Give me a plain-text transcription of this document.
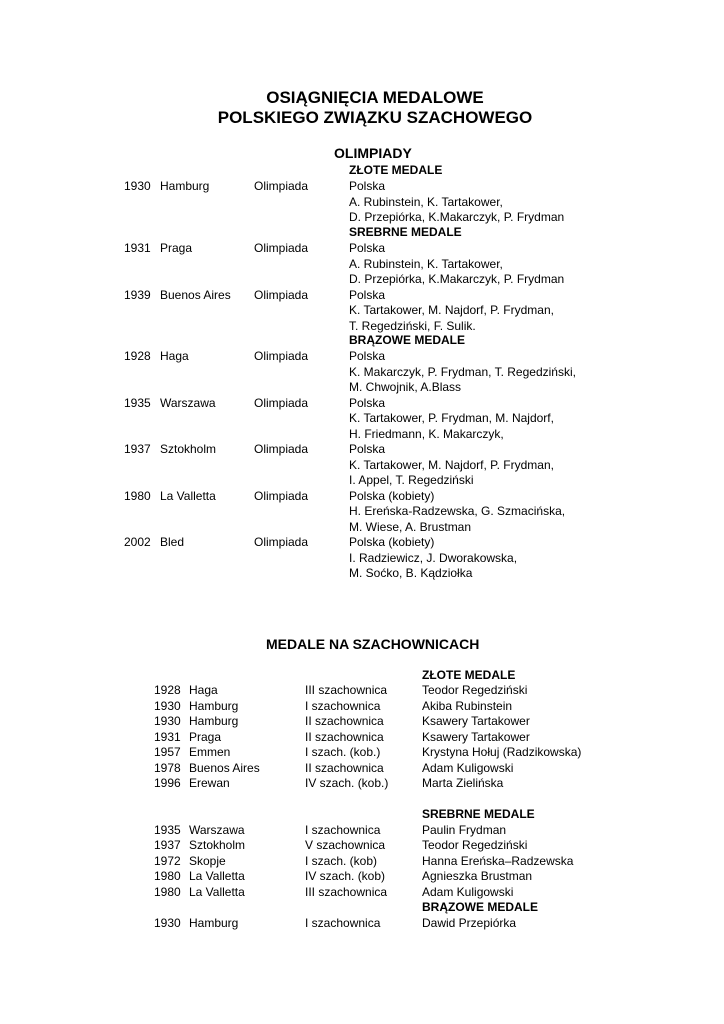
OSIĄGNIĘCIA MEDALOWE
POLSKIEGO ZWIĄZKU SZACHOWEGO
OLIMPIADY
ZŁOTE MEDALE
1930 Hamburg	Olimpiada	Polska
A. Rubinstein, K. Tartakower,
D. Przepiórka, K.Makarczyk, P. Frydman
SREBRNE MEDALE
1931 Praga	Olimpiada	Polska
A. Rubinstein, K. Tartakower,
D. Przepiórka, K.Makarczyk, P. Frydman
1939 Buenos Aires Olimpiada	Polska
K. Tartakower, M. Najdorf, P. Frydman,
T. Regedziński, F. Sulik.
BRĄZOWE MEDALE
1928 Haga	Olimpiada	Polska
K. Makarczyk, P. Frydman, T. Regedziński,
M. Chwojnik, A.Blass
1935 Warszawa	Olimpiada	Polska
K. Tartakower, P. Frydman, M. Najdorf,
H. Friedmann, K. Makarczyk,
1937 Sztokholm	Olimpiada	Polska
K. Tartakower, M. Najdorf, P. Frydman,
I. Appel, T. Regedziński
1980 La Valletta	Olimpiada	Polska (kobiety)
H. Ereńska-Radzewska, G. Szmacińska,
M. Wiese, A. Brustman
2002 Bled	Olimpiada	Polska (kobiety)
I. Radziewicz, J. Dworakowska,
M. Soćko, B. Kądziołka
MEDALE NA SZACHOWNICACH
ZŁOTE MEDALE
1928 Haga	III szachownica	Teodor Regedziński
1930 Hamburg	I szachownica	Akiba Rubinstein
1930 Hamburg	II szachownica	Ksawery Tartakower
1931 Praga	II szachownica	Ksawery Tartakower
1957 Emmen	I szach. (kob.)	Krystyna Hołuj (Radzikowska)
1978 Buenos Aires	II szachownica	Adam Kuligowski
1996 Erewan	IV szach. (kob.)	Marta Zielińska
SREBRNE MEDALE
1935 Warszawa	I szachownica	Paulin Frydman
1937 Sztokholm	V szachownica	Teodor Regedziński
1972 Skopje	I szach. (kob)	Hanna Ereńska–Radzewska
1980 La Valletta	IV szach. (kob)	Agnieszka Brustman
1980 La Valletta	III szachownica	Adam Kuligowski
BRĄZOWE MEDALE
1930 Hamburg	I szachownica	Dawid Przepiórka
